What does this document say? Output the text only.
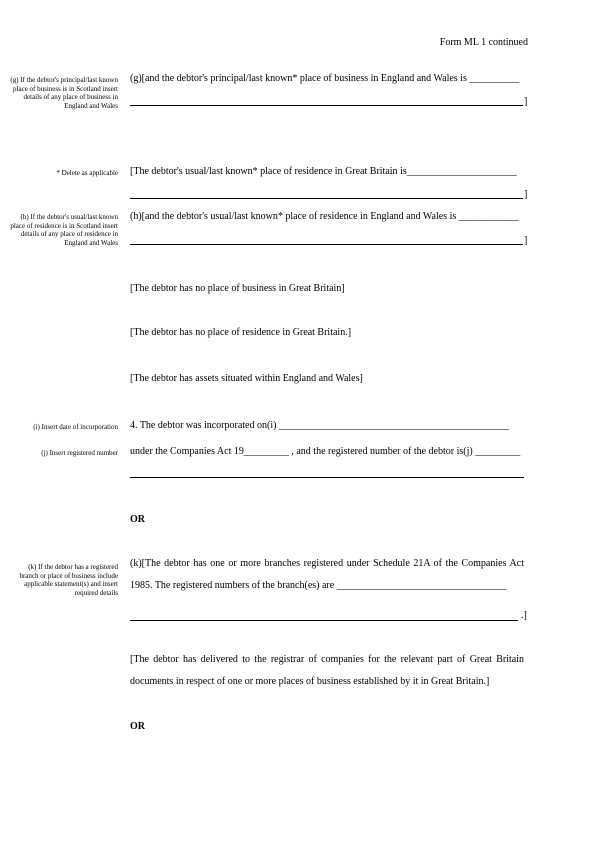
Form ML 1 continued
(g) If the debtor's principal/last known place of business is in Scotland insert details of any place of business in England and Wales
(g)[and the debtor's principal/last known* place of business in England and Wales is __________
]
* Delete as applicable [The debtor's usual/last known* place of residence in Great Britain is______________________
]
(h) If the debtor's usual/last known place of residence is in Scotland insert details of any place of residence in England and Wales
(h)[and the debtor's usual/last known* place of residence in England and Wales is ____________
]
[The debtor has no place of business in Great Britain]
[The debtor has no place of residence in Great Britain.]
[The debtor has assets situated within England and Wales]
(i) Insert date of incorporation 4. The debtor was incorporated on(i) ______________________________________________
(j) Insert registered number under the Companies Act 19_________ , and the registered number of the debtor is(j) _________
OR
(k) If the debtor has a registered branch or place of business include applicable statement(s) and insert required details
(k)[The debtor has one or more branches registered under Schedule 21A of the Companies Act 1985. The registered numbers of the branch(es) are __________________________________
.]
[The debtor has delivered to the registrar of companies for the relevant part of Great Britain documents in respect of one or more places of business established by it in Great Britain.]
OR
